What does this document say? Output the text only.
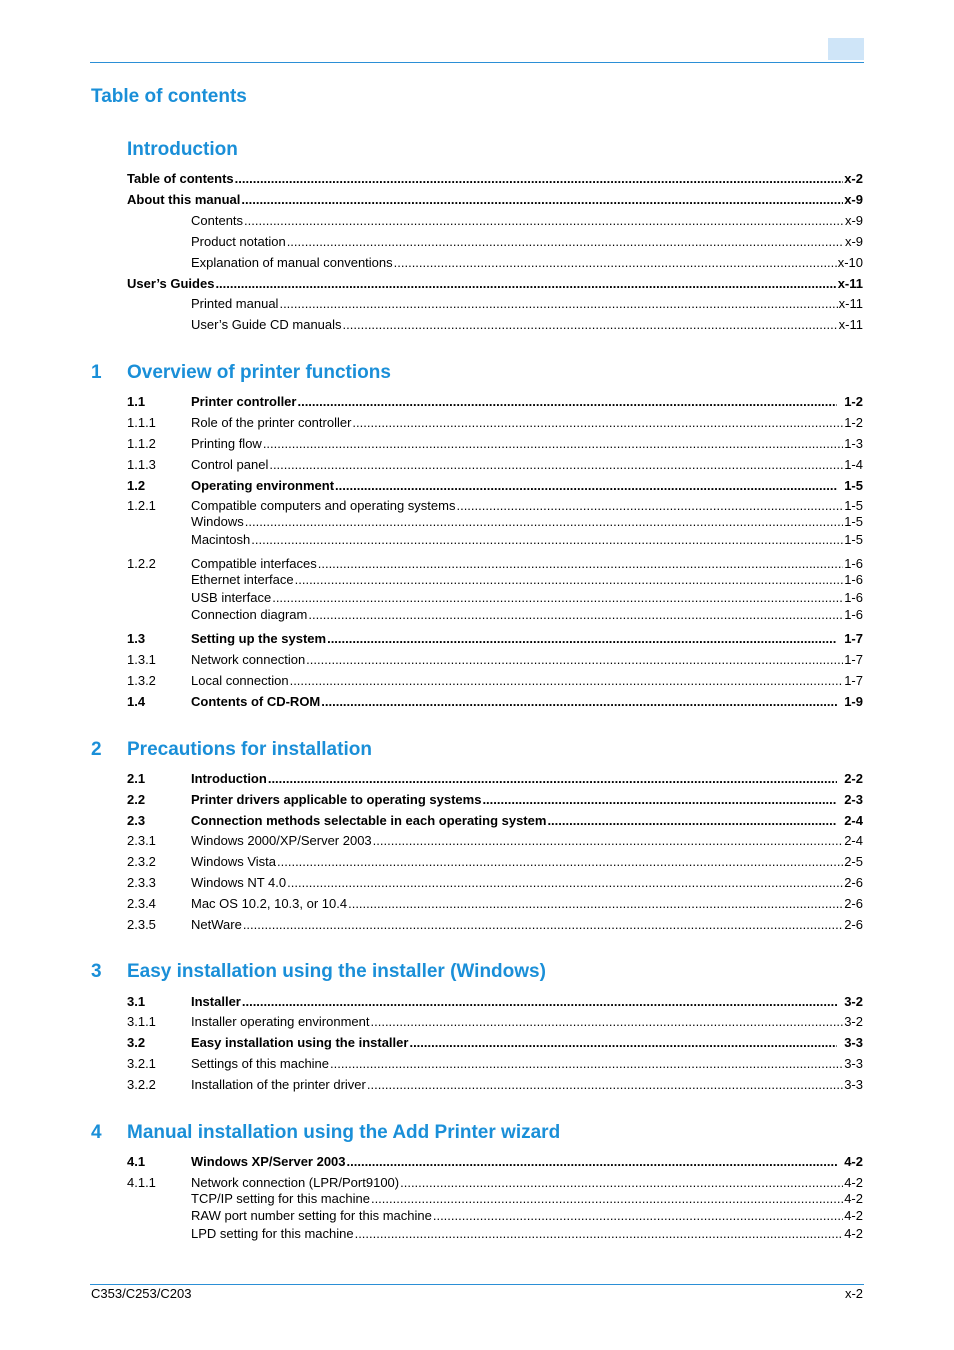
Table of contents
Introduction
Table of contents .....	x-2
About this manual .....	x-9
Contents .....	x-9
Product notation .....	x-9
Explanation of manual conventions .....	x-10
User’s Guides .....	x-11
Printed manual .....	x-11
User’s Guide CD manuals .....	x-11
1 Overview of printer functions
1.1	Printer controller .....	1-2
1.1.1	Role of the printer controller .....	1-2
1.1.2	Printing flow .....	1-3
1.1.3	Control panel .....	1-4
1.2	Operating environment .....	1-5
1.2.1	Compatible computers and operating systems .....	1-5
Windows .....	1-5
Macintosh .....	1-5
1.2.2	Compatible interfaces .....	1-6
Ethernet interface .....	1-6
USB interface .....	1-6
Connection diagram .....	1-6
1.3	Setting up the system .....	1-7
1.3.1	Network connection .....	1-7
1.3.2	Local connection .....	1-7
1.4	Contents of CD-ROM .....	1-9
2 Precautions for installation
2.1	Introduction .....	2-2
2.2	Printer drivers applicable to operating systems .....	2-3
2.3	Connection methods selectable in each operating system .....	2-4
2.3.1	Windows 2000/XP/Server 2003 .....	2-4
2.3.2	Windows Vista .....	2-5
2.3.3	Windows NT 4.0 .....	2-6
2.3.4	Mac OS 10.2, 10.3, or 10.4 .....	2-6
2.3.5	NetWare .....	2-6
3 Easy installation using the installer (Windows)
3.1	Installer .....	3-2
3.1.1	Installer operating environment .....	3-2
3.2	Easy installation using the installer .....	3-3
3.2.1	Settings of this machine .....	3-3
3.2.2	Installation of the printer driver .....	3-3
4 Manual installation using the Add Printer wizard
4.1	Windows XP/Server 2003 .....	4-2
4.1.1	Network connection (LPR/Port9100) .....	4-2
TCP/IP setting for this machine .....	4-2
RAW port number setting for this machine .....	4-2
LPD setting for this machine .....	4-2
C353/C253/C203	x-2
